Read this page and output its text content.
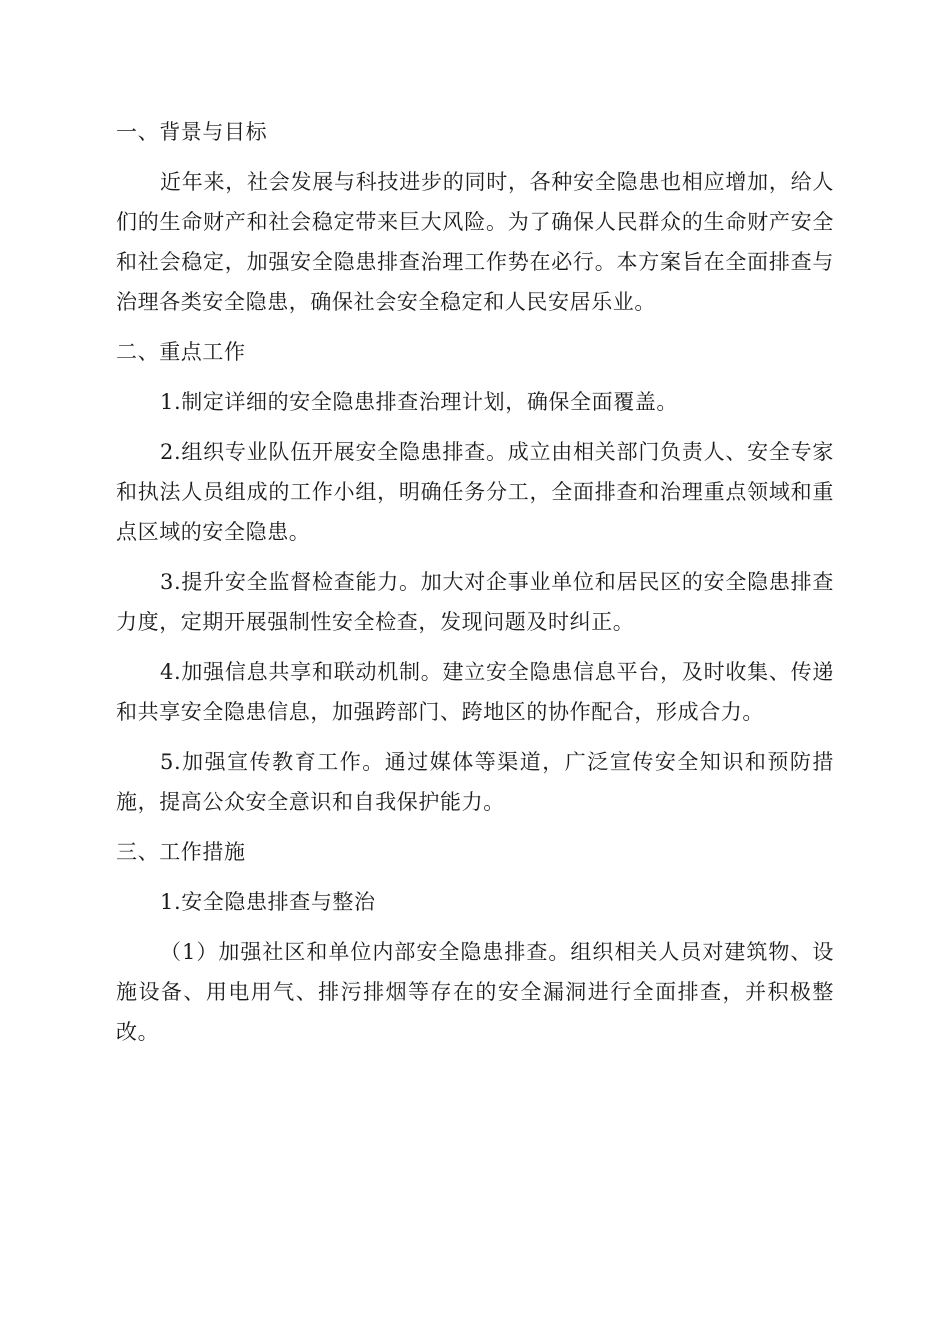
一、背景与目标

近年来，社会发展与科技进步的同时，各种安全隐患也相应增加，给人们的生命财产和社会稳定带来巨大风险。为了确保人民群众的生命财产安全和社会稳定，加强安全隐患排查治理工作势在必行。本方案旨在全面排查与治理各类安全隐患，确保社会安全稳定和人民安居乐业。

二、重点工作

1.制定详细的安全隐患排查治理计划，确保全面覆盖。

2.组织专业队伍开展安全隐患排查。成立由相关部门负责人、安全专家和执法人员组成的工作小组，明确任务分工，全面排查和治理重点领域和重点区域的安全隐患。

3.提升安全监督检查能力。加大对企事业单位和居民区的安全隐患排查力度，定期开展强制性安全检查，发现问题及时纠正。

4.加强信息共享和联动机制。建立安全隐患信息平台，及时收集、传递和共享安全隐患信息，加强跨部门、跨地区的协作配合，形成合力。

5.加强宣传教育工作。通过媒体等渠道，广泛宣传安全知识和预防措施，提高公众安全意识和自我保护能力。

三、工作措施

1.安全隐患排查与整治

（1）加强社区和单位内部安全隐患排查。组织相关人员对建筑物、设施设备、用电用气、排污排烟等存在的安全漏洞进行全面排查，并积极整改。
